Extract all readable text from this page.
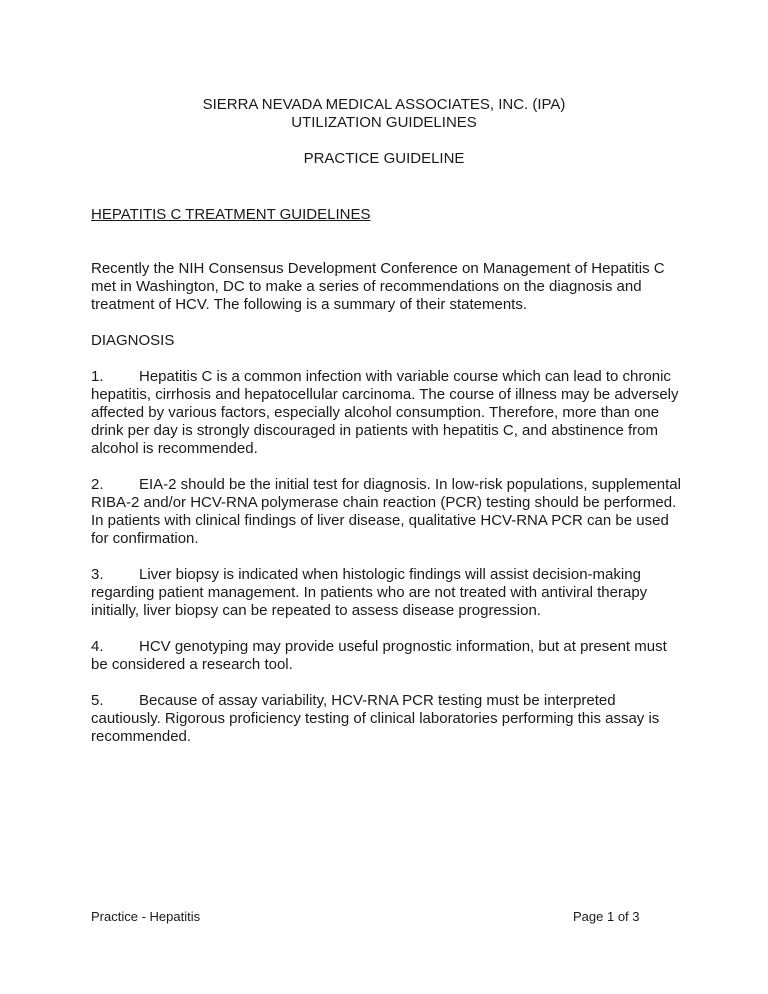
SIERRA NEVADA MEDICAL ASSOCIATES, INC. (IPA)
UTILIZATION GUIDELINES
PRACTICE GUIDELINE
HEPATITIS C TREATMENT GUIDELINES

Recently the NIH Consensus Development Conference on Management of Hepatitis C met in Washington, DC to make a series of recommendations on the diagnosis and treatment of HCV. The following is a summary of their statements.

DIAGNOSIS

1. Hepatitis C is a common infection with variable course which can lead to chronic hepatitis, cirrhosis and hepatocellular carcinoma. The course of illness may be adversely affected by various factors, especially alcohol consumption. Therefore, more than one drink per day is strongly discouraged in patients with hepatitis C, and abstinence from alcohol is recommended.

2. EIA-2 should be the initial test for diagnosis. In low-risk populations, supplemental RIBA-2 and/or HCV-RNA polymerase chain reaction (PCR) testing should be performed. In patients with clinical findings of liver disease, qualitative HCV-RNA PCR can be used for confirmation.

3. Liver biopsy is indicated when histologic findings will assist decision-making regarding patient management. In patients who are not treated with antiviral therapy initially, liver biopsy can be repeated to assess disease progression.

4. HCV genotyping may provide useful prognostic information, but at present must be considered a research tool.

5. Because of assay variability, HCV-RNA PCR testing must be interpreted cautiously. Rigorous proficiency testing of clinical laboratories performing this assay is recommended.

Practice - Hepatitis	Page 1 of 3
